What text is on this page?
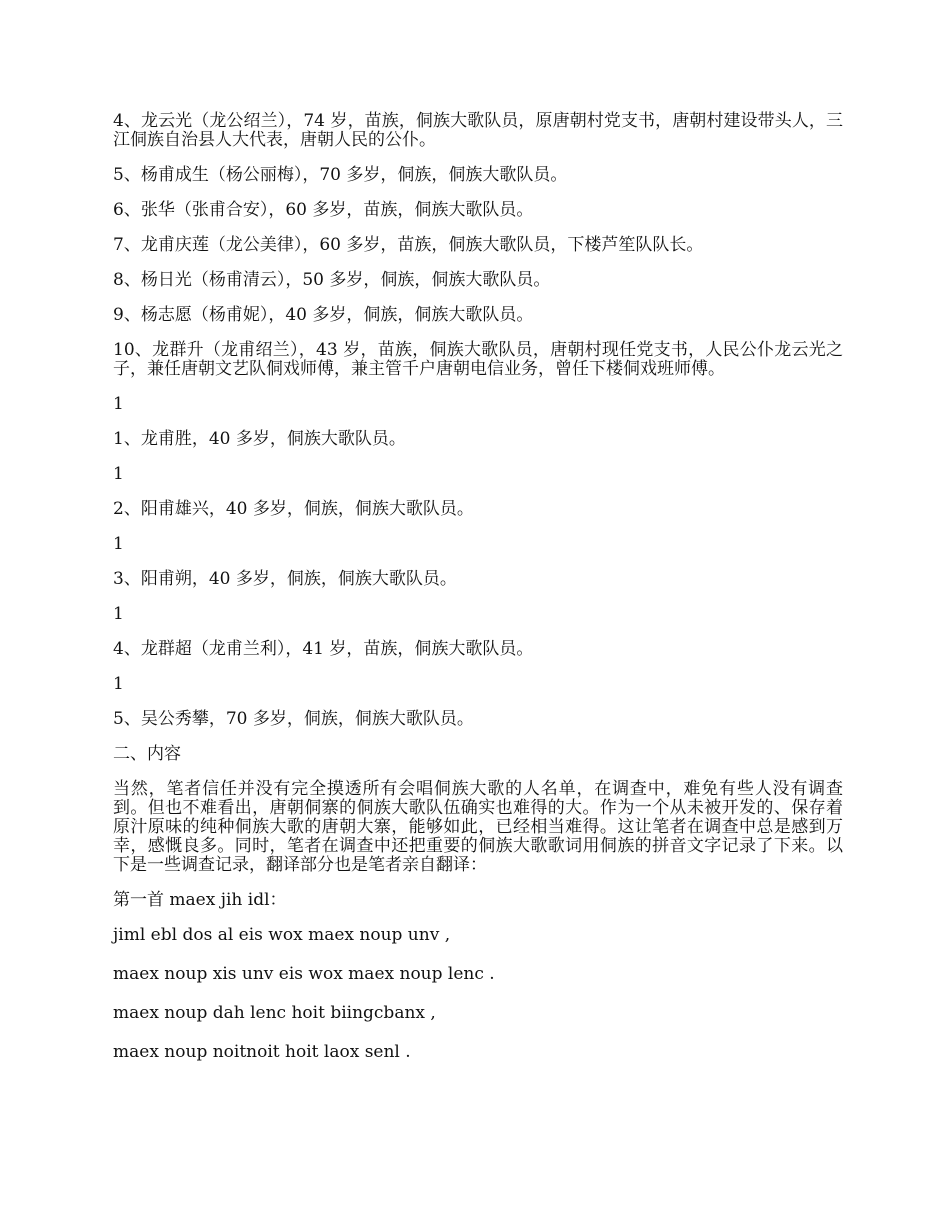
4、龙云光（龙公绍兰），74 岁，苗族，侗族大歌队员，原唐朝村党支书，唐朝村建设带头人，三江侗族自治县人大代表，唐朝人民的公仆。

5、杨甫成生（杨公丽梅），70 多岁，侗族，侗族大歌队员。

6、张华（张甫合安），60 多岁，苗族，侗族大歌队员。

7、龙甫庆莲（龙公美律），60 多岁，苗族，侗族大歌队员，下楼芦笙队队长。

8、杨日光（杨甫清云），50 多岁，侗族，侗族大歌队员。

9、杨志愿（杨甫妮），40 多岁，侗族，侗族大歌队员。

10、龙群升（龙甫绍兰），43 岁，苗族，侗族大歌队员，唐朝村现任党支书，人民公仆龙云光之子，兼任唐朝文艺队侗戏师傅，兼主管千户唐朝电信业务，曾任下楼侗戏班师傅。

1

1、龙甫胜，40 多岁，侗族大歌队员。

1

2、阳甫雄兴，40 多岁，侗族，侗族大歌队员。

1

3、阳甫朔，40 多岁，侗族，侗族大歌队员。

1

4、龙群超（龙甫兰利），41 岁，苗族，侗族大歌队员。

1

5、吴公秀攀，70 多岁，侗族，侗族大歌队员。

二、内容

当然，笔者信任并没有完全摸透所有会唱侗族大歌的人名单，在调查中，难免有些人没有调查到。但也不难看出，唐朝侗寨的侗族大歌队伍确实也难得的大。作为一个从未被开发的、保存着原汁原味的纯种侗族大歌的唐朝大寨，能够如此，已经相当难得。这让笔者在调查中总是感到万幸，感慨良多。同时，笔者在调查中还把重要的侗族大歌歌词用侗族的拼音文字记录了下来。以下是一些调查记录，翻译部分也是笔者亲自翻译：

第一首 maex jih idl：

jiml ebl dos al eis wox maex noup unv ,

maex noup xis unv eis wox maex noup lenc .

maex noup dah lenc hoit biingcbanx ,

maex noup noitnoit hoit laox senl .
